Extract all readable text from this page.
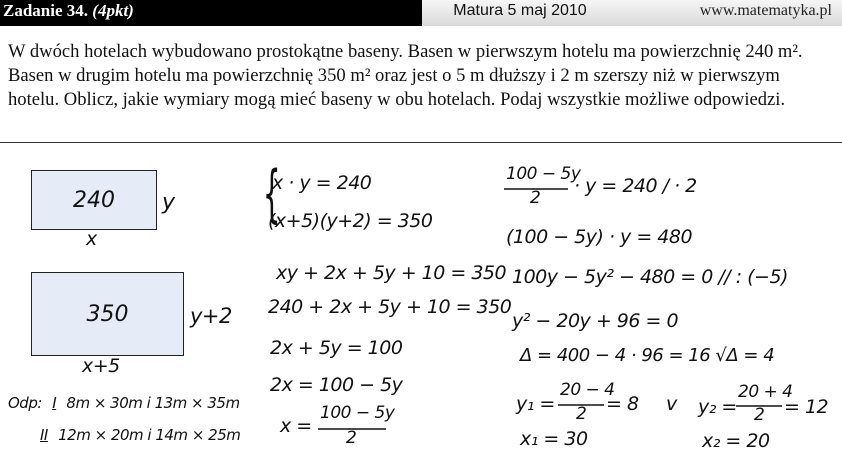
Zadanie 34. (4pkt)	Matura 5 maj 2010	www.matematyka.pl
W dwóch hotelach wybudowano prostokątne baseny. Basen w pierwszym hotelu ma powierzchnię 240 m². Basen w drugim hotelu ma powierzchnię 350 m² oraz jest o 5 m dłuższy i 2 m szerszy niż w pierwszym hotelu. Oblicz, jakie wymiary mogą mieć baseny w obu hotelach. Podaj wszystkie możliwe odpowiedzi.
240 y
x
350	y+2
x+5
Odp: I 8m × 30m i 13m × 35m
II 12m × 20m i 14m × 25m
{
x · y = 240
(x+5)(y+2) = 350
xy + 2x + 5y + 10 = 350
240 + 2x + 5y + 10 = 350
2x + 5y = 100
2x = 100 − 5y
x =
100 − 5y
2
100 − 5y
2
· y = 240 / · 2
(100 − 5y) · y = 480
100y − 5y² − 480 = 0 // : (−5)
y² − 20y + 96 = 0
Δ = 400 − 4 · 96 = 16 √Δ = 4
y₁ =
20 − 4
2 = 8 v y₂ =
20 + 4
2 = 12
x₁ = 30	x₂ = 20
